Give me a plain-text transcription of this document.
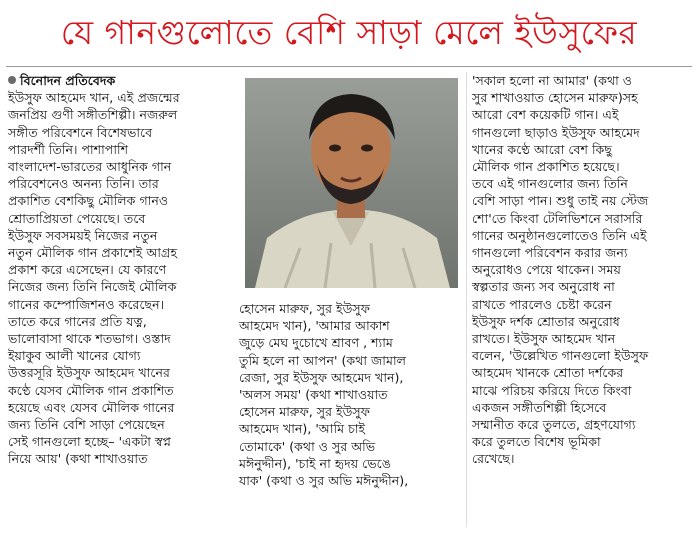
যে গানগুলোতে বেশি সাড়া মেলে ইউসুফের

বিনোদন প্রতিবেদক

ইউসুফ আহমেদ খান, এই প্রজন্মের

জনপ্রিয় গুণী সঙ্গীতশিল্পী। নজরুল

সঙ্গীত পরিবেশনে বিশেষভাবে

পারদর্শী তিনি। পাশাপাশি

বাংলাদেশ-ভারতের আধুনিক গান

পরিবেশনেও অনন্য তিনি। তার

প্রকাশিত বেশকিছু মৌলিক গানও

শ্রোতাপ্রিয়তা পেয়েছে। তবে

ইউসুফ সবসময়ই নিজের নতুন

নতুন মৌলিক গান প্রকাশেই আগ্রহ

প্রকাশ করে এসেছেন। যে কারণে

নিজের জন্য তিনি নিজেই মৌলিক

গানের কম্পোজিশনও করেছেন।

তাতে করে গানের প্রতি যত্ন,

ভালোবাসা থাকে শতভাগ। ওস্তাদ

ইয়াকুব আলী খানের যোগ্য

উত্তরসূরি ইউসুফ আহমেদ খানের

কণ্ঠে যেসব মৌলিক গান প্রকাশিত

হয়েছে এবং যেসব মৌলিক গানের

জন্য তিনি বেশি সাড়া পেয়েছেন

সেই গানগুলো হচ্ছে– 'একটা স্বপ্ন

নিয়ে আয়' (কথা শাখাওয়াত

হোসেন মারুফ, সুর ইউসুফ

আহমেদ খান), 'আমার আকাশ

জুড়ে মেঘ দুচোখে শ্রাবণ , শ্যাম

তুমি হলে না আপন' (কথা জামাল

রেজা, সুর ইউসুফ আহমেদ খান),

'অলস সময়' (কথা শাখাওয়াত

হোসেন মারুফ, সুর ইউসুফ

আহমেদ খান), 'আমি চাই

তোমাকে' (কথা ও সুর অভি

মঈনুদ্দীন), 'চাই না হৃদয় ভেঙে

যাক' (কথা ও সুর অভি মঈনুদ্দীন),

'সকাল হলো না আমার' (কথা ও

সুর শাখাওয়াত হোসেন মারুফ)সহ

আরো বেশ কয়েকটি গান। এই

গানগুলো ছাড়াও ইউসুফ আহমেদ

খানের কণ্ঠে আরো বেশ কিছু

মৌলিক গান প্রকাশিত হয়েছে।

তবে এই গানগুলোর জন্য তিনি

বেশি সাড়া পান। শুধু তাই নয় স্টেজ

শো'তে কিংবা টেলিভিশনে সরাসরি

গানের অনুষ্ঠানগুলোতেও তিনি এই

গানগুলো পরিবেশন করার জন্য

অনুরোধও পেয়ে থাকেন। সময়

স্বল্পতার জন্য সব অনুরোধ না

রাখতে পারলেও চেষ্টা করেন

ইউসুফ দর্শক শ্রোতার অনুরোধ

রাখতে। ইউসুফ আহমেদ খান

বলেন, 'উল্লেখিত গানগুলো ইউসুফ

আহমেদ খানকে শ্রোতা দর্শকের

মাঝে পরিচয় করিয়ে দিতে কিংবা

একজন সঙ্গীতশিল্পী হিসেবে

সম্মানীত করে তুলতে, গ্রহণযোগ্য

করে তুলতে বিশেষ ভূমিকা

রেখেছে।
